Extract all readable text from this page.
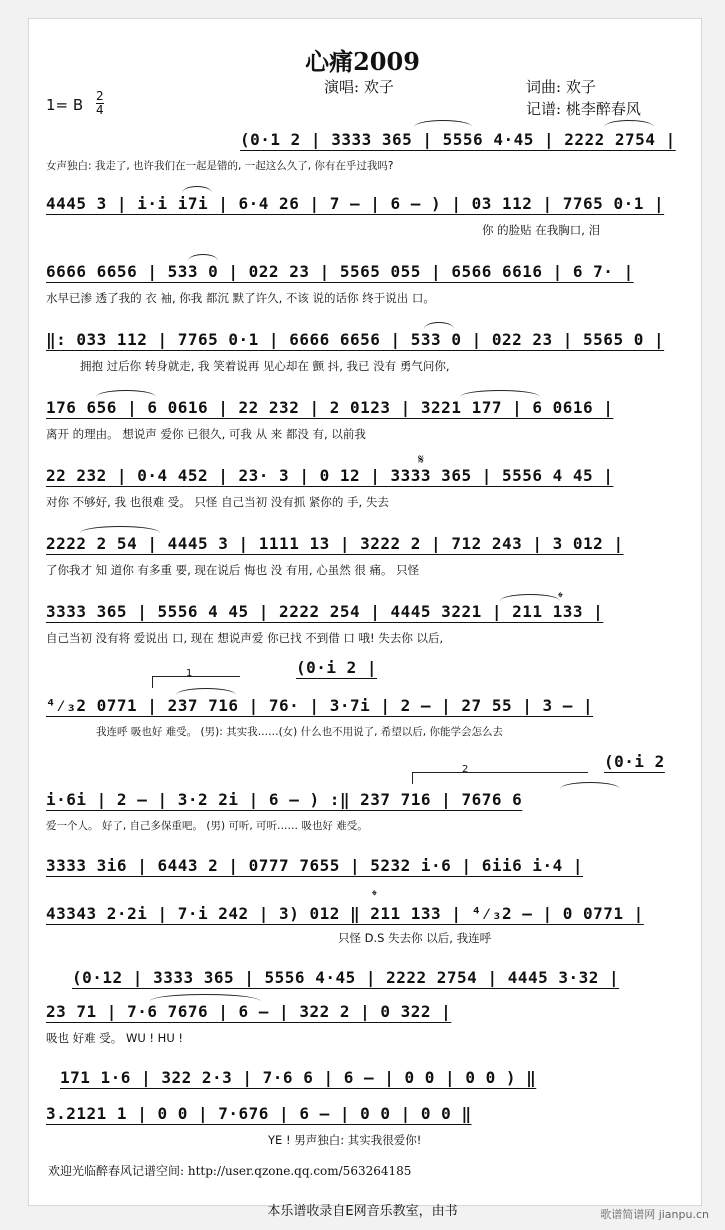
心痛2009
演唱: 欢子	词曲: 欢子
记谱: 桃李醉春风
1= B $\frac{2}{4}$
(0·1 2 | 3333 365 | 5556 4·45 | 2222 2754 |
女声独白: 我走了, 也许我们在一起是错的, 一起这么久了, 你有在乎过我吗?
4445 3 | i·i i7i | 6·4 26 | 7 – | 6 – ) | 03 112 | 7765 0·1 |
你 的脸贴 在我胸口, 泪
6666 6656 | 533 0 | 022 23 | 5565 055 | 6566 6616 | 6 7· |
水早已渗 透了我的 衣 袖, 你我 都沉 默了许久, 不该 说的话你 终于说出 口。
‖: 033 112 | 7765 0·1 | 6666 6656 | 533 0 | 022 23 | 5565 0 |
拥抱 过后你 转身就走, 我 笑着说再 见心却在 颤 抖, 我已 没有 勇气问你,
176 656 | 6 0616 | 22 232 | 2 0123 | 3221 177 | 6 0616 |
离开 的理由。 想说声 爱你 已很久, 可我 从 来 都没 有, 以前我
22 232 | 0·4 452 | 23· 3 | 0 12 | 3333 365 | 5556 4 45 |
对你 不够好, 我 也很难 受。 只怪 自己当初 没有抓 紧你的 手, 失去
2222 2 54 | 4445 3 | 1111 13 | 3222 2 | 712 243 | 3 012 |
了你我才 知 道你 有多重 要, 现在说后 悔也 没 有用, 心虽然 很 痛。 只怪
3333 365 | 5556 4 45 | 2222 254 | 4445 3221 | 211 133 |
自己当初 没有将 爱说出 口, 现在 想说声爱 你已找 不到借 口 哦! 失去你 以后,
(0·i 2 |
⁴⁄₃2 0771 | 237 716 | 76· | 3·7i | 2 – | 27 55 | 3 – |
我连呼 吸也好 难受。 (男): 其实我……(女) 什么也不用说了, 希望以后, 你能学会怎么去
(0·i 2
i·6i | 2 – | 3·2 2i | 6 – ) :‖ 237 716 | 7676 6
爱一个人。 好了, 自己多保重吧。 (男) 可听, 可听…… 吸也好 难受。
3333 3i6 | 6443 2 | 0777 7655 | 5232 i·6 | 6ii6 i·4 |
43343 2·2i | 7·i 242 | 3) 012 ‖ 211 133 | ⁴⁄₃2 – | 0 0771 |
只怪 D.S 失去你 以后, 我连呼
(0·12 | 3333 365 | 5556 4·45 | 2222 2754 | 4445 3·32 |
23 71 | 7·6 7676 | 6 – | 322 2 | 0 322 |
吸也 好难 受。 WU ! HU !
171 1·6 | 322 2·3 | 7·6 6 | 6 – | 0 0 | 0 0 ) ‖
3.2121 1 | 0 0 | 7·676 | 6 – | 0 0 | 0 0 ‖
YE ! 男声独白: 其实我很爱你!
1
2
𝄋
𝄌
𝄌
欢迎光临醉春风记谱空间: http://user.qzone.qq.com/563264185
本乐谱收录自E网音乐教室，由书	歌谱简谱网 jianpu.cn
